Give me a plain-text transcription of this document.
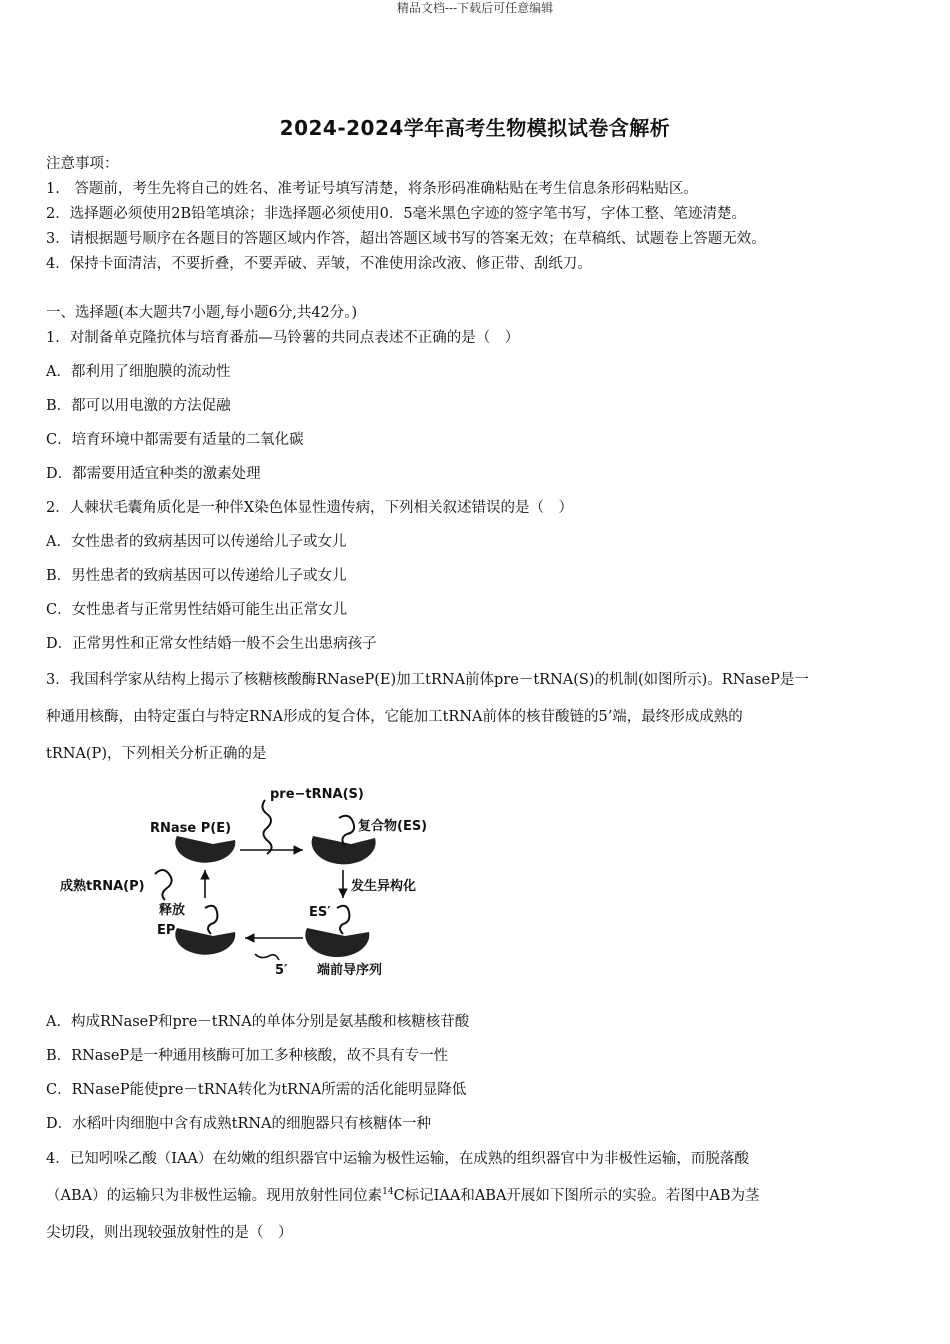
精品文档---下载后可任意编辑
2024-2024学年高考生物模拟试卷含解析
注意事项：
1.　答题前，考生先将自己的姓名、准考证号填写清楚，将条形码准确粘贴在考生信息条形码粘贴区。
2．选择题必须使用2B铅笔填涂；非选择题必须使用0．5毫米黑色字迹的签字笔书写，字体工整、笔迹清楚。
3．请根据题号顺序在各题目的答题区域内作答，超出答题区域书写的答案无效；在草稿纸、试题卷上答题无效。
4．保持卡面清洁，不要折叠，不要弄破、弄皱，不准使用涂改液、修正带、刮纸刀。
一、选择题(本大题共7小题,每小题6分,共42分。)
1．对制备单克隆抗体与培育番茄—马铃薯的共同点表述不正确的是（　）
A．都利用了细胞膜的流动性
B．都可以用电激的方法促融
C．培育环境中都需要有适量的二氧化碳
D．都需要用适宜种类的激素处理
2．人棘状毛囊角质化是一种伴X染色体显性遗传病，下列相关叙述错误的是（　）
A．女性患者的致病基因可以传递给儿子或女儿
B．男性患者的致病基因可以传递给儿子或女儿
C．女性患者与正常男性结婚可能生出正常女儿
D．正常男性和正常女性结婚一般不会生出患病孩子
3．我国科学家从结构上揭示了核糖核酸酶RNaseP(E)加工tRNA前体pre－tRNA(S)的机制(如图所示)。RNaseP是一
种通用核酶，由特定蛋白与特定RNA形成的复合体，它能加工tRNA前体的核苷酸链的5’端，最终形成成熟的
tRNA(P)，下列相关分析正确的是
pre−tRNA(S)
RNase P(E)	复合物(ES)
发生异构化
ES′
成熟tRNA(P)
释放
EP
5′ 端前导序列
A．构成RNaseP和pre－tRNA的单体分别是氨基酸和核糖核苷酸
B．RNaseP是一种通用核酶可加工多种核酸，故不具有专一性
C．RNaseP能使pre－tRNA转化为tRNA所需的活化能明显降低
D．水稻叶肉细胞中含有成熟tRNA的细胞器只有核糖体一种
4．已知吲哚乙酸（IAA）在幼嫩的组织器官中运输为极性运输，在成熟的组织器官中为非极性运输，而脱落酸
（ABA）的运输只为非极性运输。现用放射性同位素$^{14}$C标记IAA和ABA开展如下图所示的实验。若图中AB为茎
尖切段，则出现较强放射性的是（　）
